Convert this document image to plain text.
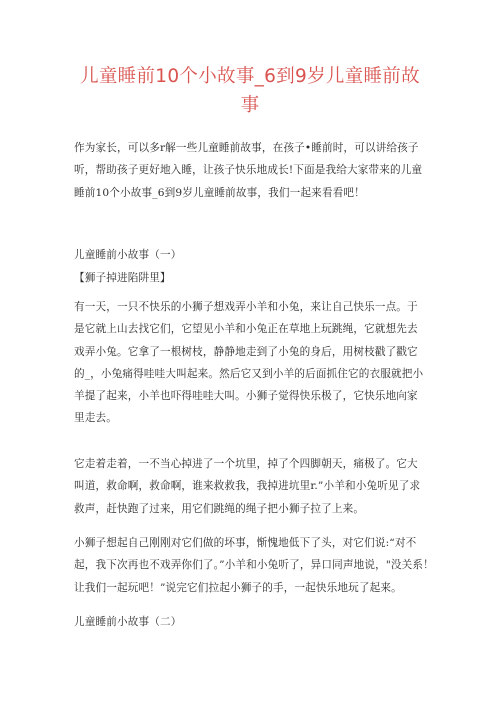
儿童睡前10个小故事_6到9岁儿童睡前故
事
作为家长，可以多r解一些儿童睡前故事，在孩子•睡前时，可以讲给孩子
听，帮助孩子更好地入睡，让孩子快乐地成长!下面是我给大家带来的儿童
睡前10个小故事_6到9岁儿童睡前故事，我们一起来看看吧！
儿童睡前小故事（一）
【狮子掉进陷阱里】
有一天，一只不快乐的小狮子想戏弄小羊和小兔，来让自己快乐一点。于
是它就上山去找它们，它望见小羊和小兔正在草地上玩跳绳，它就想先去
戏弄小兔。它拿了一根树枝，静静地走到了小兔的身后，用树枝戳了戳它
的_，小兔痛得哇哇大叫起来。然后它又到小羊的后面抓住它的衣服就把小
羊提了起来，小羊也吓得哇哇大叫。小狮子觉得快乐极了，它快乐地向家
里走去。
它走着走着，一不当心掉进了一个坑里，掉了个四脚朝天，痛极了。它大
叫道，救命啊，救命啊，谁来救救我，我掉进坑里r.”小羊和小兔听见了求
救声，赶快跑了过来，用它们跳绳的绳子把小狮子拉了上来。
小狮子想起自己刚刚对它们做的坏事，惭愧地低下了头，对它们说:“对不
起，我下次再也不戏弄你们了。”小羊和小兔听了，异口同声地说，"没关系！
让我们一起玩吧！”说完它们拉起小狮子的手，一起快乐地玩了起来。
儿童睡前小故事（二）
